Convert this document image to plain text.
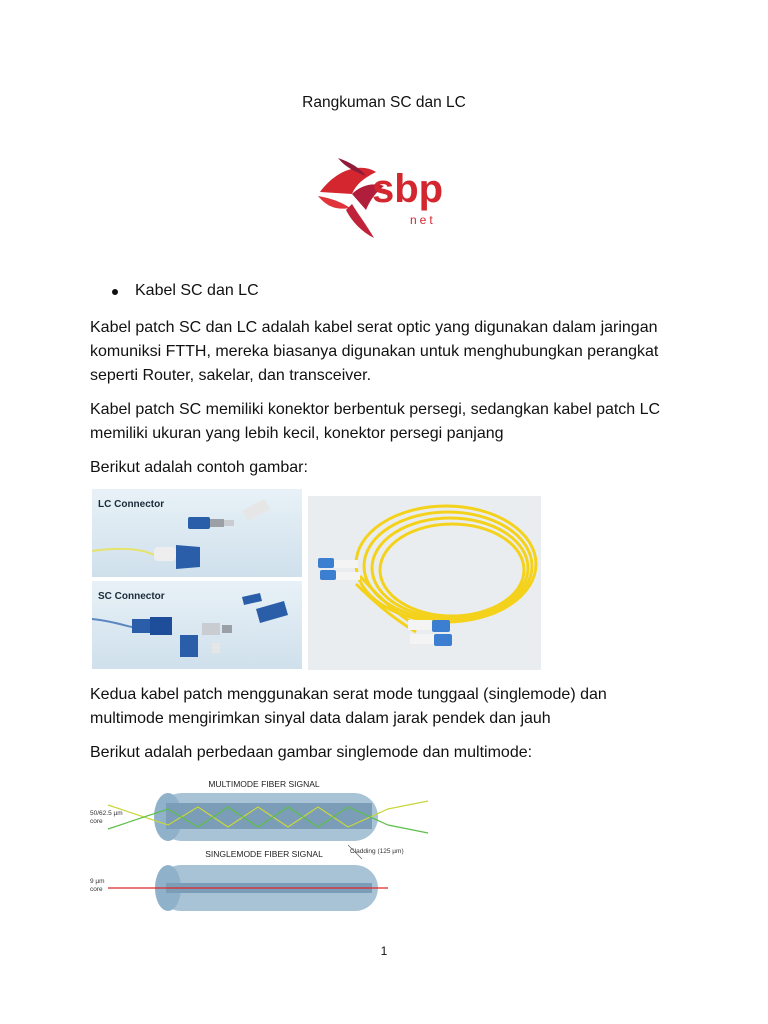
Rangkuman SC dan LC
sbp
net
Kabel SC dan LC
Kabel patch SC dan LC adalah kabel serat optic yang digunakan dalam jaringan
komuniksi FTTH, mereka biasanya digunakan untuk menghubungkan perangkat
seperti Router, sakelar, dan transceiver.
Kabel patch SC memiliki konektor berbentuk persegi, sedangkan kabel patch LC
memiliki ukuran yang lebih kecil, konektor persegi panjang
Berikut adalah contoh gambar:
LC Connector
SC Connector
Kedua kabel patch menggunakan serat mode tunggaal (singlemode) dan
multimode mengirimkan sinyal data dalam jarak pendek dan jauh
Berikut adalah perbedaan gambar singlemode dan multimode:
MULTIMODE FIBER SIGNAL
50/62.5 µm
core
SINGLEMODE FIBER SIGNAL	Cladding (125 µm)
9 µm
core
1
